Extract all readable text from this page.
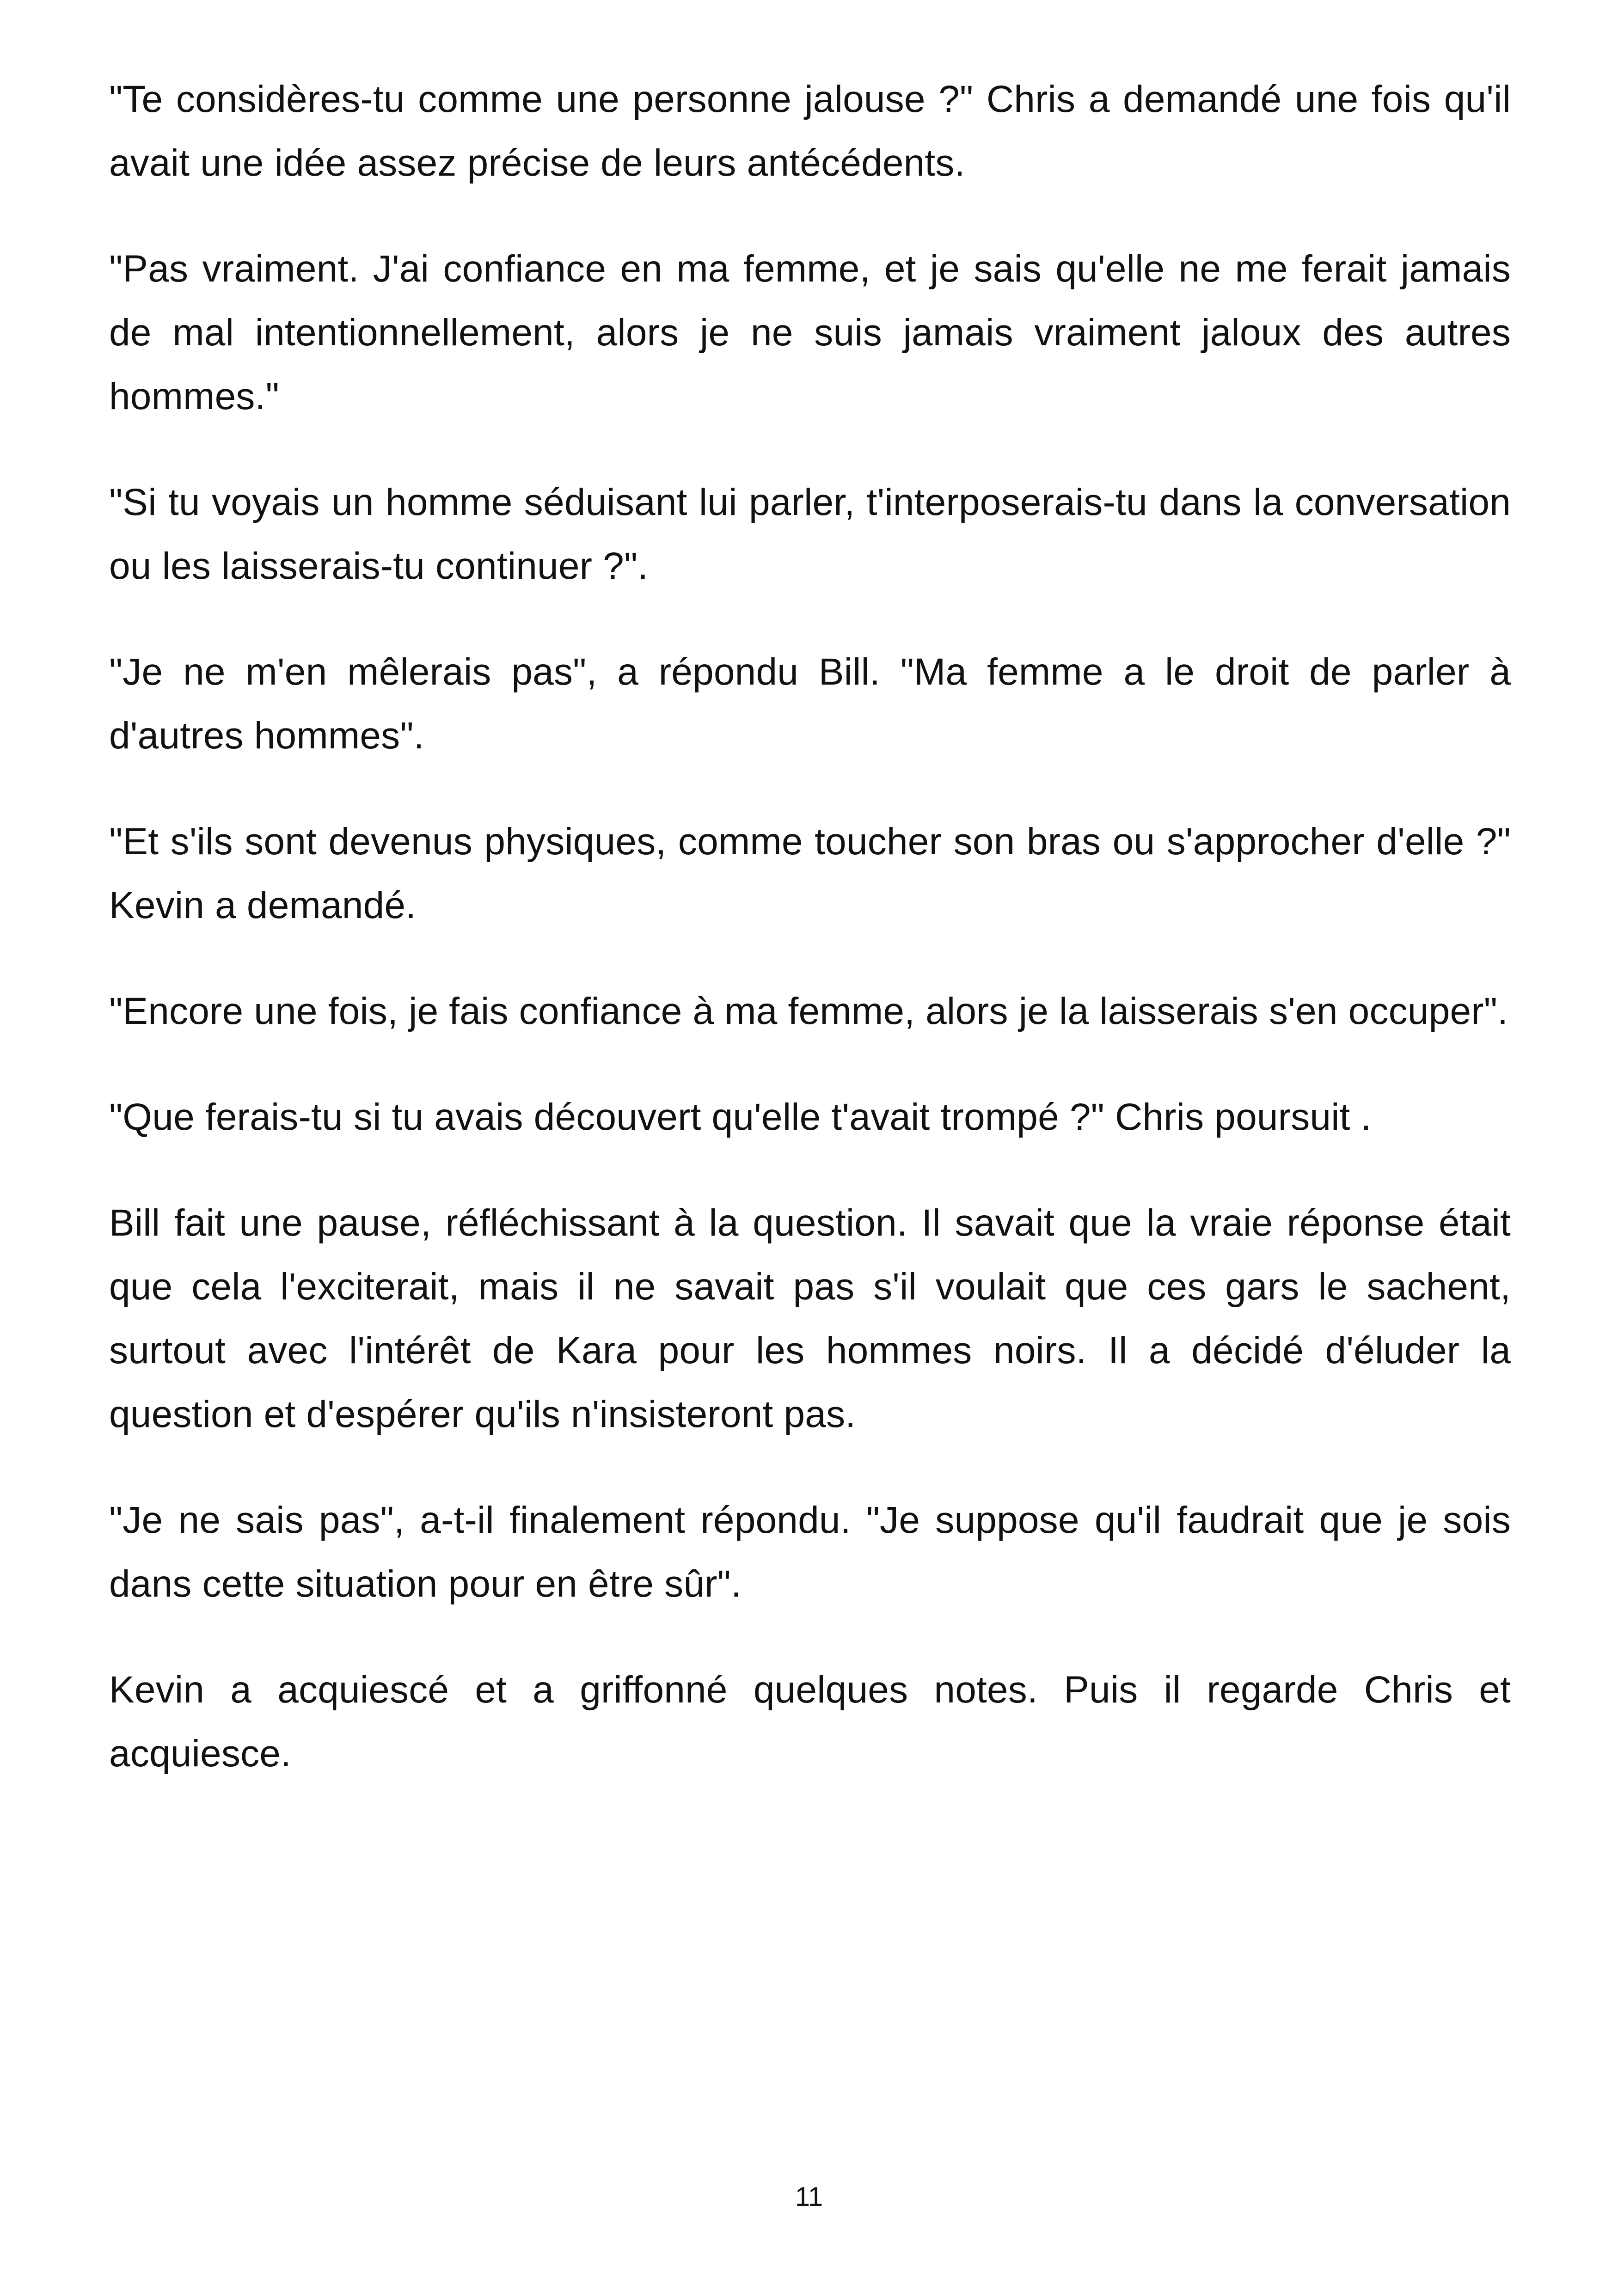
"Te considères-tu comme une personne jalouse ?" Chris a demandé une fois qu'il avait une idée assez précise de leurs antécédents.

"Pas vraiment. J'ai confiance en ma femme, et je sais qu'elle ne me ferait jamais de mal intentionnellement, alors je ne suis jamais vraiment jaloux des autres hommes."

"Si tu voyais un homme séduisant lui parler, t'interposerais-tu dans la conversation ou les laisserais-tu continuer ?".

"Je ne m'en mêlerais pas", a répondu Bill. "Ma femme a le droit de parler à d'autres hommes".

"Et s'ils sont devenus physiques, comme toucher son bras ou s'approcher d'elle ?" Kevin a demandé.

"Encore une fois, je fais confiance à ma femme, alors je la laisserais s'en occuper".

"Que ferais-tu si tu avais découvert qu'elle t'avait trompé ?" Chris poursuit .

Bill fait une pause, réfléchissant à la question. Il savait que la vraie réponse était que cela l'exciterait, mais il ne savait pas s'il voulait que ces gars le sachent, surtout avec l'intérêt de Kara pour les hommes noirs. Il a décidé d'éluder la question et d'espérer qu'ils n'insisteront pas.

"Je ne sais pas", a-t-il finalement répondu. "Je suppose qu'il faudrait que je sois dans cette situation pour en être sûr".

Kevin a acquiescé et a griffonné quelques notes. Puis il regarde Chris et acquiesce.

11
